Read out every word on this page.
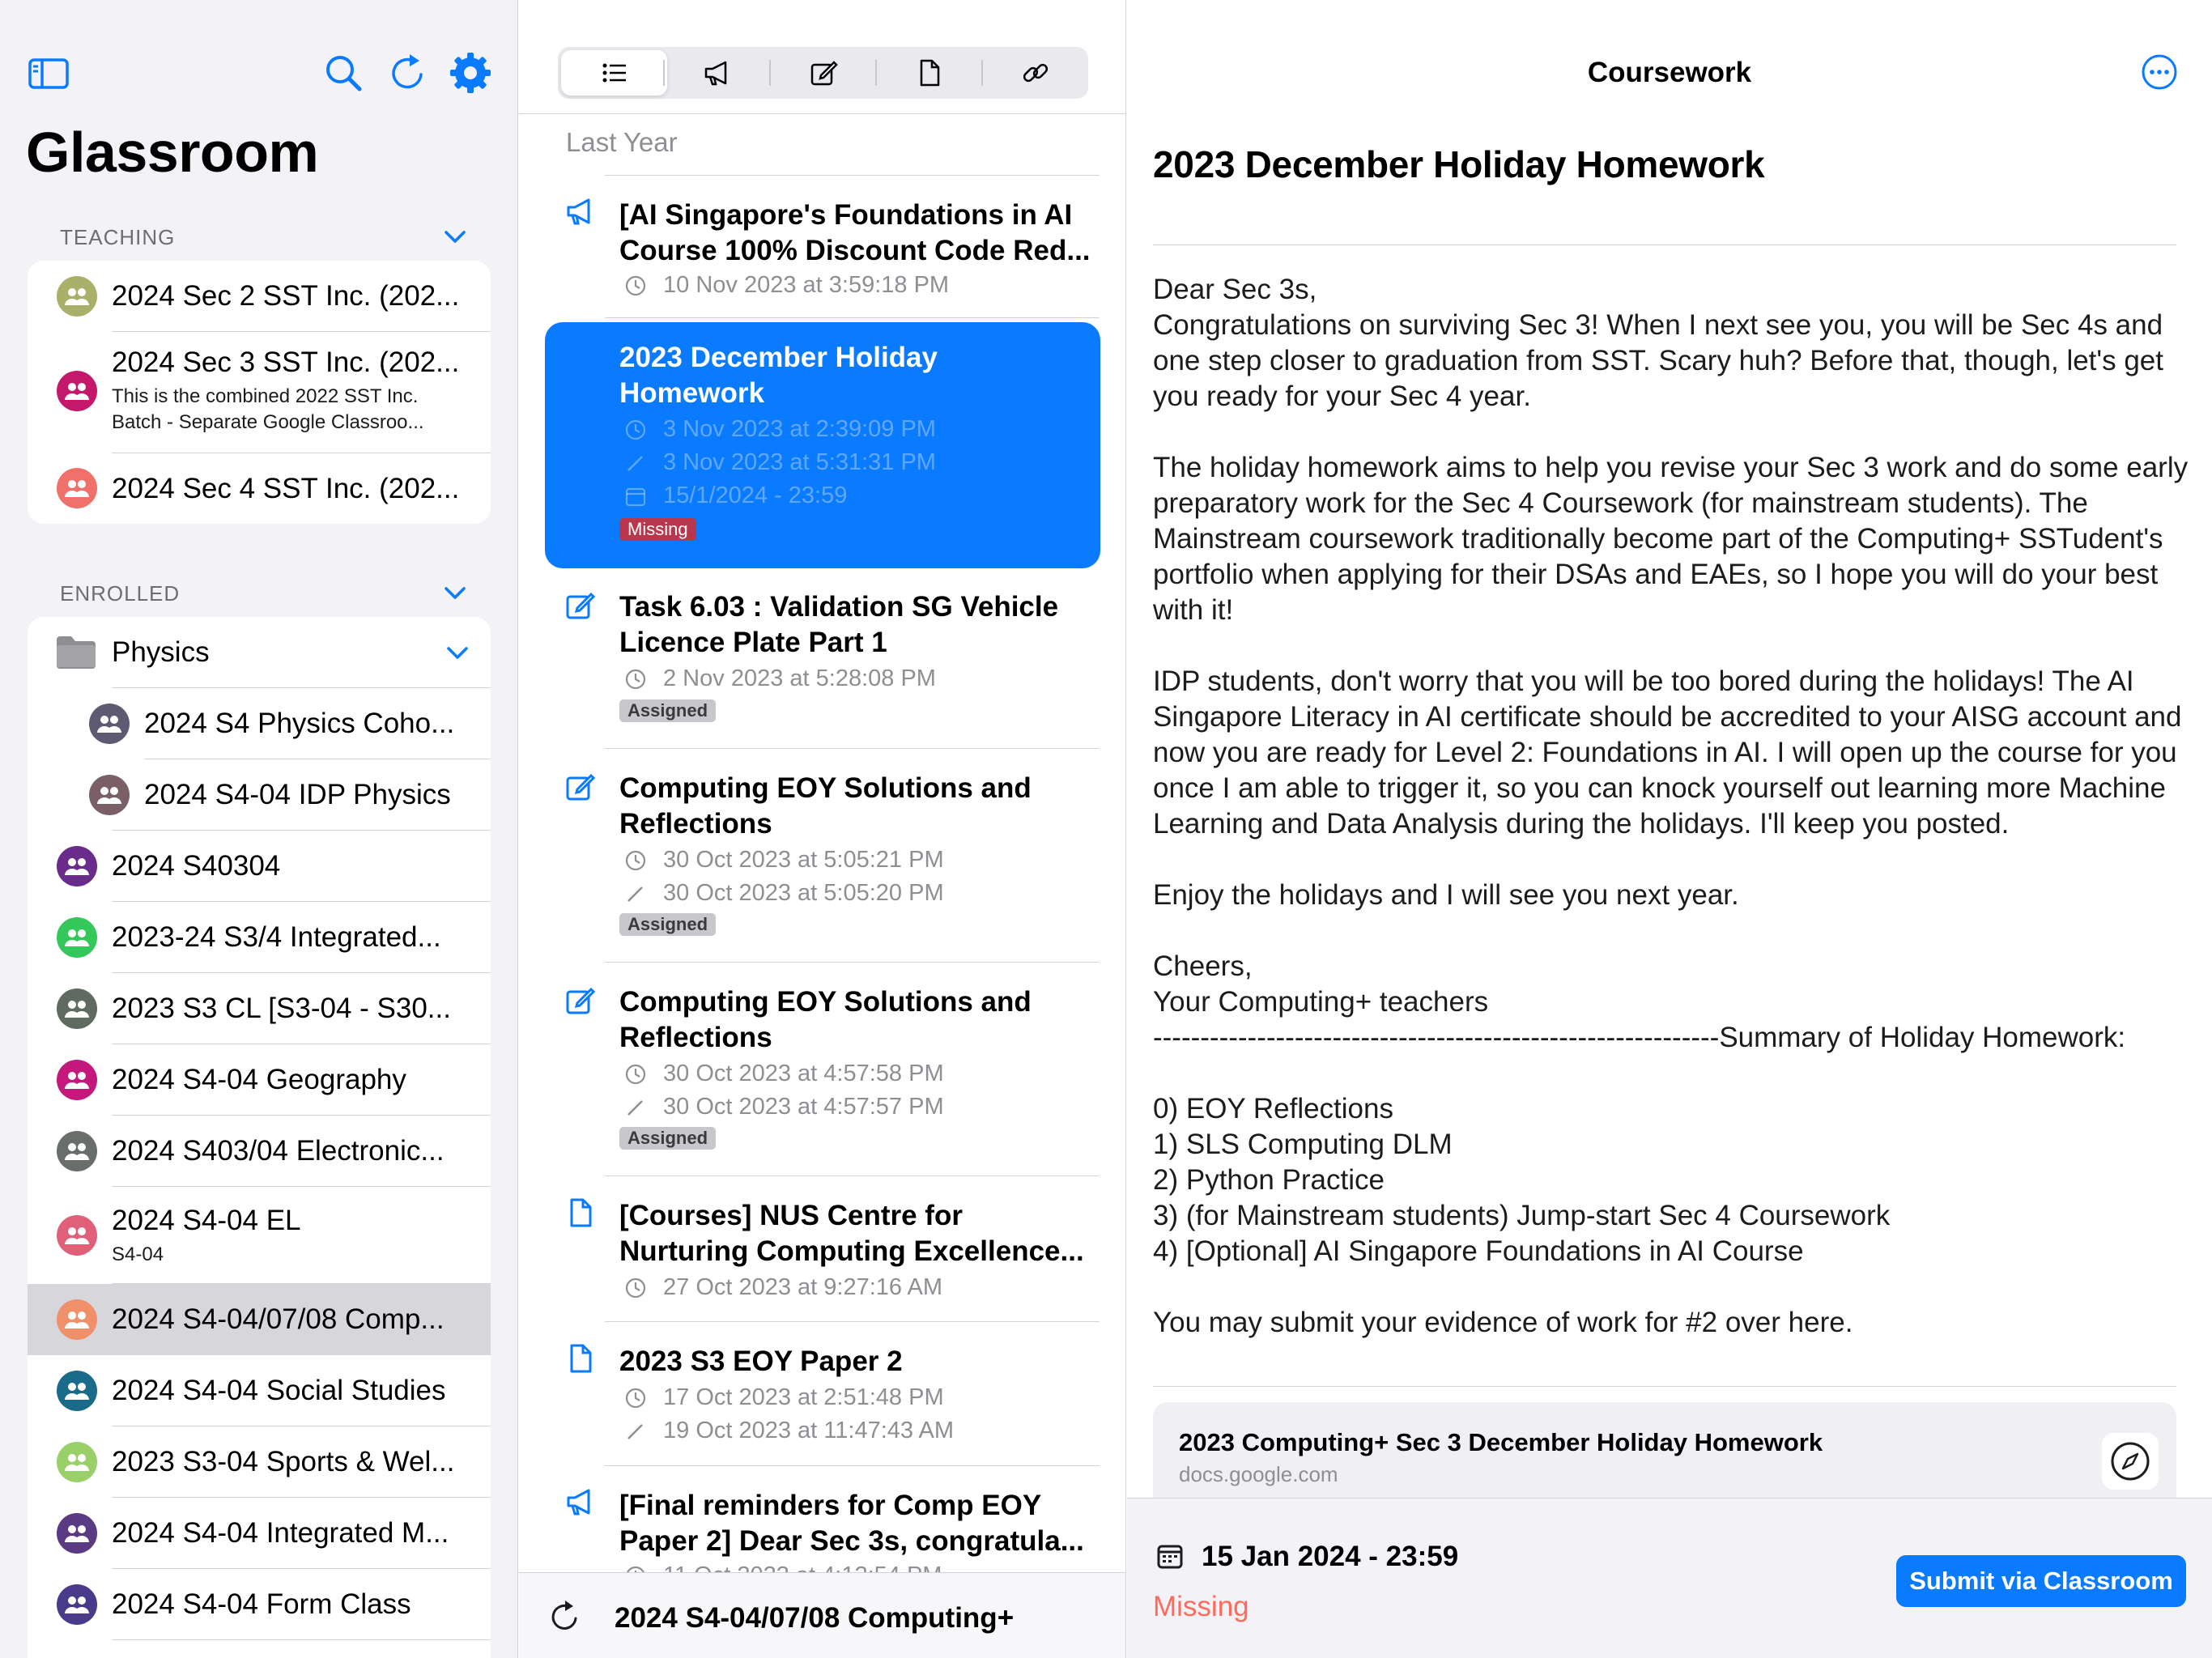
Glassroom
TEACHING
2024 Sec 2 SST Inc. (202...
2024 Sec 3 SST Inc. (202...
This is the combined 2022 SST Inc. Batch - Separate Google Classroo...
2024 Sec 4 SST Inc. (202...
ENROLLED
Physics
2024 S4 Physics Coho...
2024 S4-04 IDP Physics
2024 S40304
2023-24 S3/4 Integrated...
2023 S3 CL [S3-04 - S30...
2024 S4-04 Geography
2024 S403/04 Electronic...
2024 S4-04 EL
S4-04
2024 S4-04/07/08 Comp...
2024 S4-04 Social Studies
2023 S3-04 Sports & Wel...
2024 S4-04 Integrated M...
2024 S4-04 Form Class
Last Year
[AI Singapore's Foundations in AI Course 100% Discount Code Red...
10 Nov 2023 at 3:59:18 PM
2023 December Holiday Homework
3 Nov 2023 at 2:39:09 PM
3 Nov 2023 at 5:31:31 PM
15/1/2024 - 23:59
Missing
Task 6.03 : Validation SG Vehicle Licence Plate Part 1
2 Nov 2023 at 5:28:08 PM
Assigned
Computing EOY Solutions and Reflections
30 Oct 2023 at 5:05:21 PM
30 Oct 2023 at 5:05:20 PM
Assigned
Computing EOY Solutions and Reflections
30 Oct 2023 at 4:57:58 PM
30 Oct 2023 at 4:57:57 PM
Assigned
[Courses] NUS Centre for Nurturing Computing Excellence...
27 Oct 2023 at 9:27:16 AM
2023 S3 EOY Paper 2
17 Oct 2023 at 2:51:48 PM
19 Oct 2023 at 11:47:43 AM
[Final reminders for Comp EOY Paper 2] Dear Sec 3s, congratula...
2024 S4-04/07/08 Computing+
Coursework
2023 December Holiday Homework
Dear Sec 3s,
Congratulations on surviving Sec 3! When I next see you, you will be Sec 4s and one step closer to graduation from SST. Scary huh? Before that, though, let's get you ready for your Sec 4 year.

The holiday homework aims to help you revise your Sec 3 work and do some early preparatory work for the Sec 4 Coursework (for mainstream students). The Mainstream coursework traditionally become part of the Computing+ SSTudent's portfolio when applying for their DSAs and EAEs, so I hope you will do your best with it!

IDP students, don't worry that you will be too bored during the holidays! The AI Singapore Literacy in AI certificate should be accredited to your AISG account and now you are ready for Level 2: Foundations in AI. I will open up the course for you once I am able to trigger it, so you can knock yourself out learning more Machine Learning and Data Analysis during the holidays. I'll keep you posted.

Enjoy the holidays and I will see you next year.

Cheers,
Your Computing+ teachers
------------------------------------------------------------Summary of Holiday Homework:

0) EOY Reflections
1) SLS Computing DLM
2) Python Practice
3) (for Mainstream students) Jump-start Sec 4 Coursework
4) [Optional] AI Singapore Foundations in AI Course

You may submit your evidence of work for #2 over here.
2023 Computing+ Sec 3 December Holiday Homework
docs.google.com
15 Jan 2024 - 23:59
Missing
Submit via Classroom
